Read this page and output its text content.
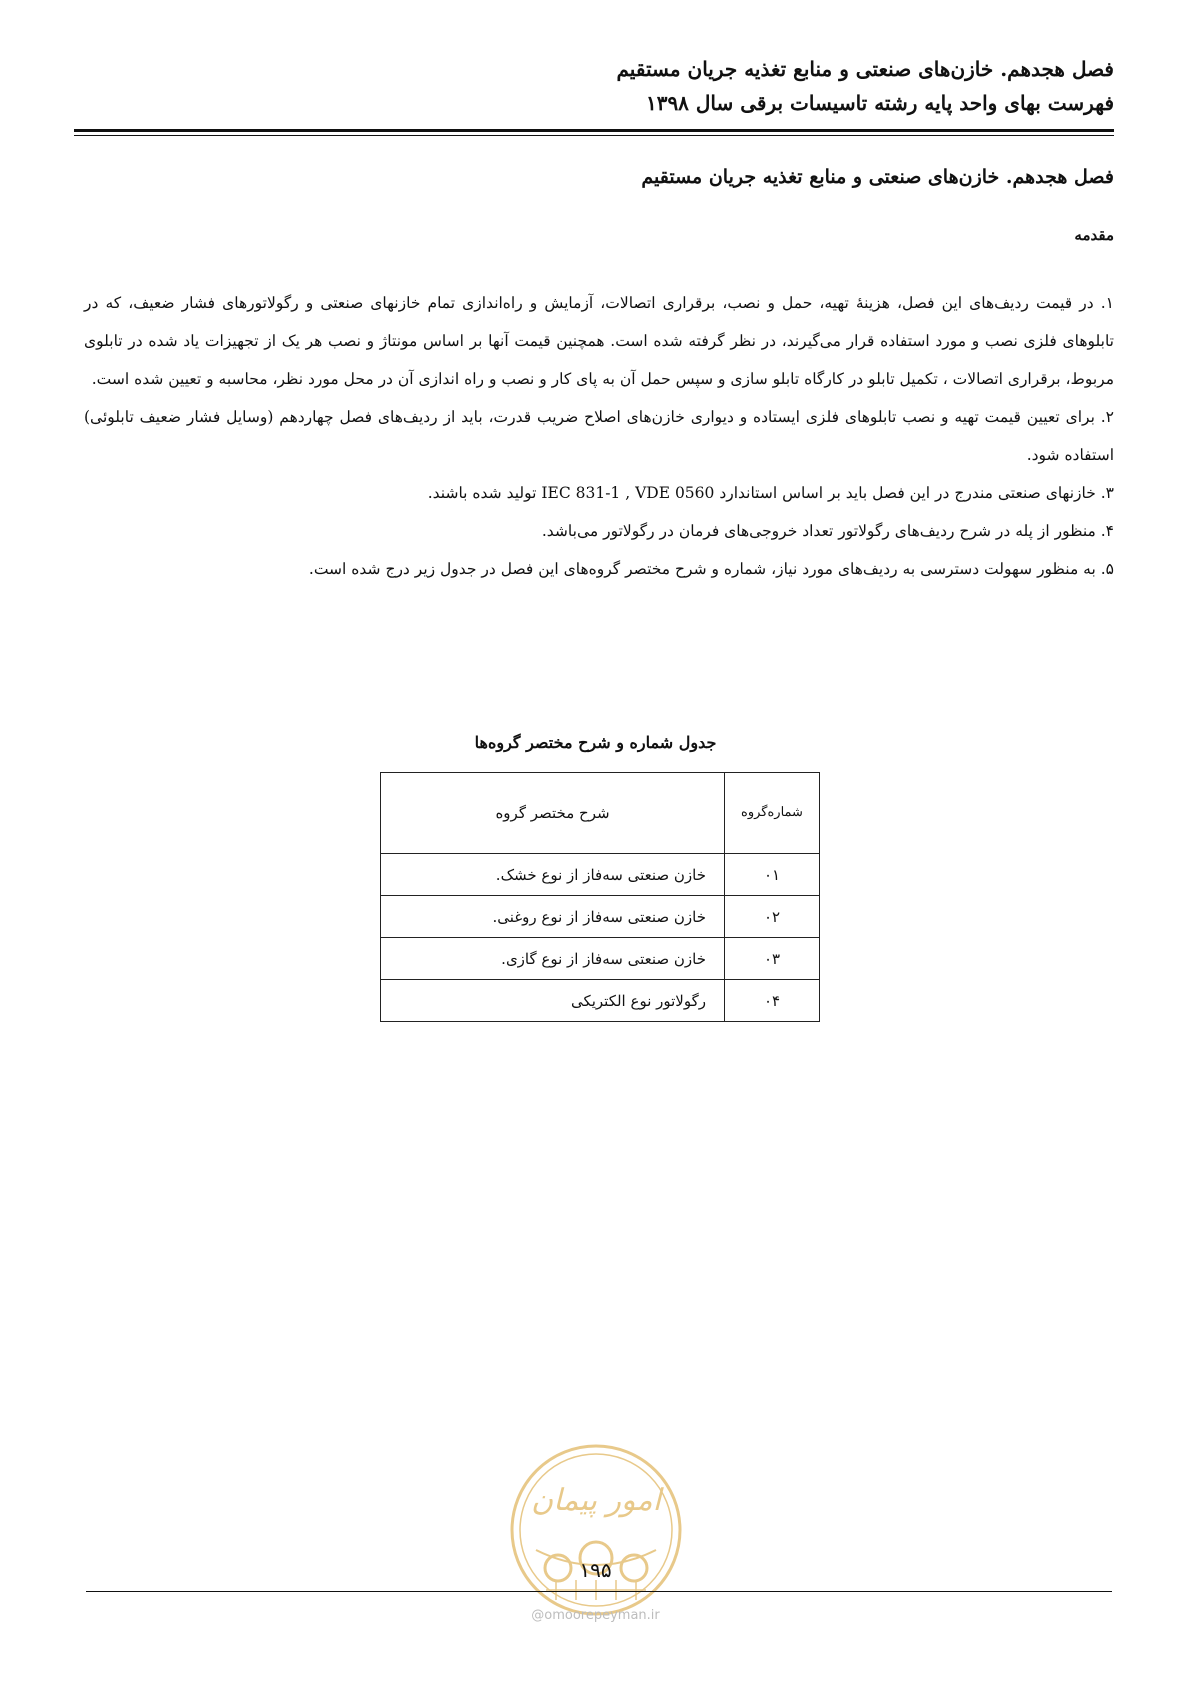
فصل هجدهم. خازن‌های صنعتی و منابع تغذیه جریان مستقیم
فهرست بهای واحد پایه رشته تاسیسات برقی سال ۱۳۹۸
فصل هجدهم. خازن‌های صنعتی و منابع تغذیه جریان مستقیم
مقدمه

۱. در قیمت ردیف‌های این فصل، هزینهٔ تهیه، حمل و نصب، برقراری اتصالات، آزمایش و راه‌اندازی تمام خازنهای صنعتی و رگولاتورهای فشار ضعیف، که در تابلوهای فلزی نصب و مورد استفاده قرار می‌گیرند، در نظر گرفته شده است. همچنین قیمت آنها بر اساس مونتاژ و نصب هر یک از تجهیزات یاد شده در تابلوی مربوط، برقراری اتصالات ، تکمیل تابلو در کارگاه تابلو سازی و سپس حمل آن به پای کار و نصب و راه اندازی آن در محل مورد نظر، محاسبه و تعیین شده است.

۲. برای تعیین قیمت تهیه و نصب تابلوهای فلزی ایستاده و دیواری خازن‌های اصلاح ضریب قدرت، باید از ردیف‌های فصل چهاردهم (وسایل فشار ضعیف تابلوئی) استفاده شود.

۳. خازنهای صنعتی مندرج در این فصل باید بر اساس استاندارد IEC 831-1 , VDE 0560 تولید شده باشند.

۴. منظور از پله در شرح ردیف‌های رگولاتور تعداد خروجی‌های فرمان در رگولاتور می‌باشد.

۵. به منظور سهولت دسترسی به ردیف‌های مورد نیاز، شماره و شرح مختصر گروه‌های این فصل در جدول زیر درج شده است.

جدول شماره و شرح مختصر گروه‌ها
شماره‌گروه	شرح مختصر گروه
۰۱	خازن صنعتی سه‌فاز از نوع خشک.
۰۲	خازن صنعتی سه‌فاز از نوع روغنی.
۰۳	خازن صنعتی سه‌فاز از نوع گازی.
۰۴	رگولاتور نوع الکتریکی
امور پیمان
۱۹۵
@omoorepeyman.ir
